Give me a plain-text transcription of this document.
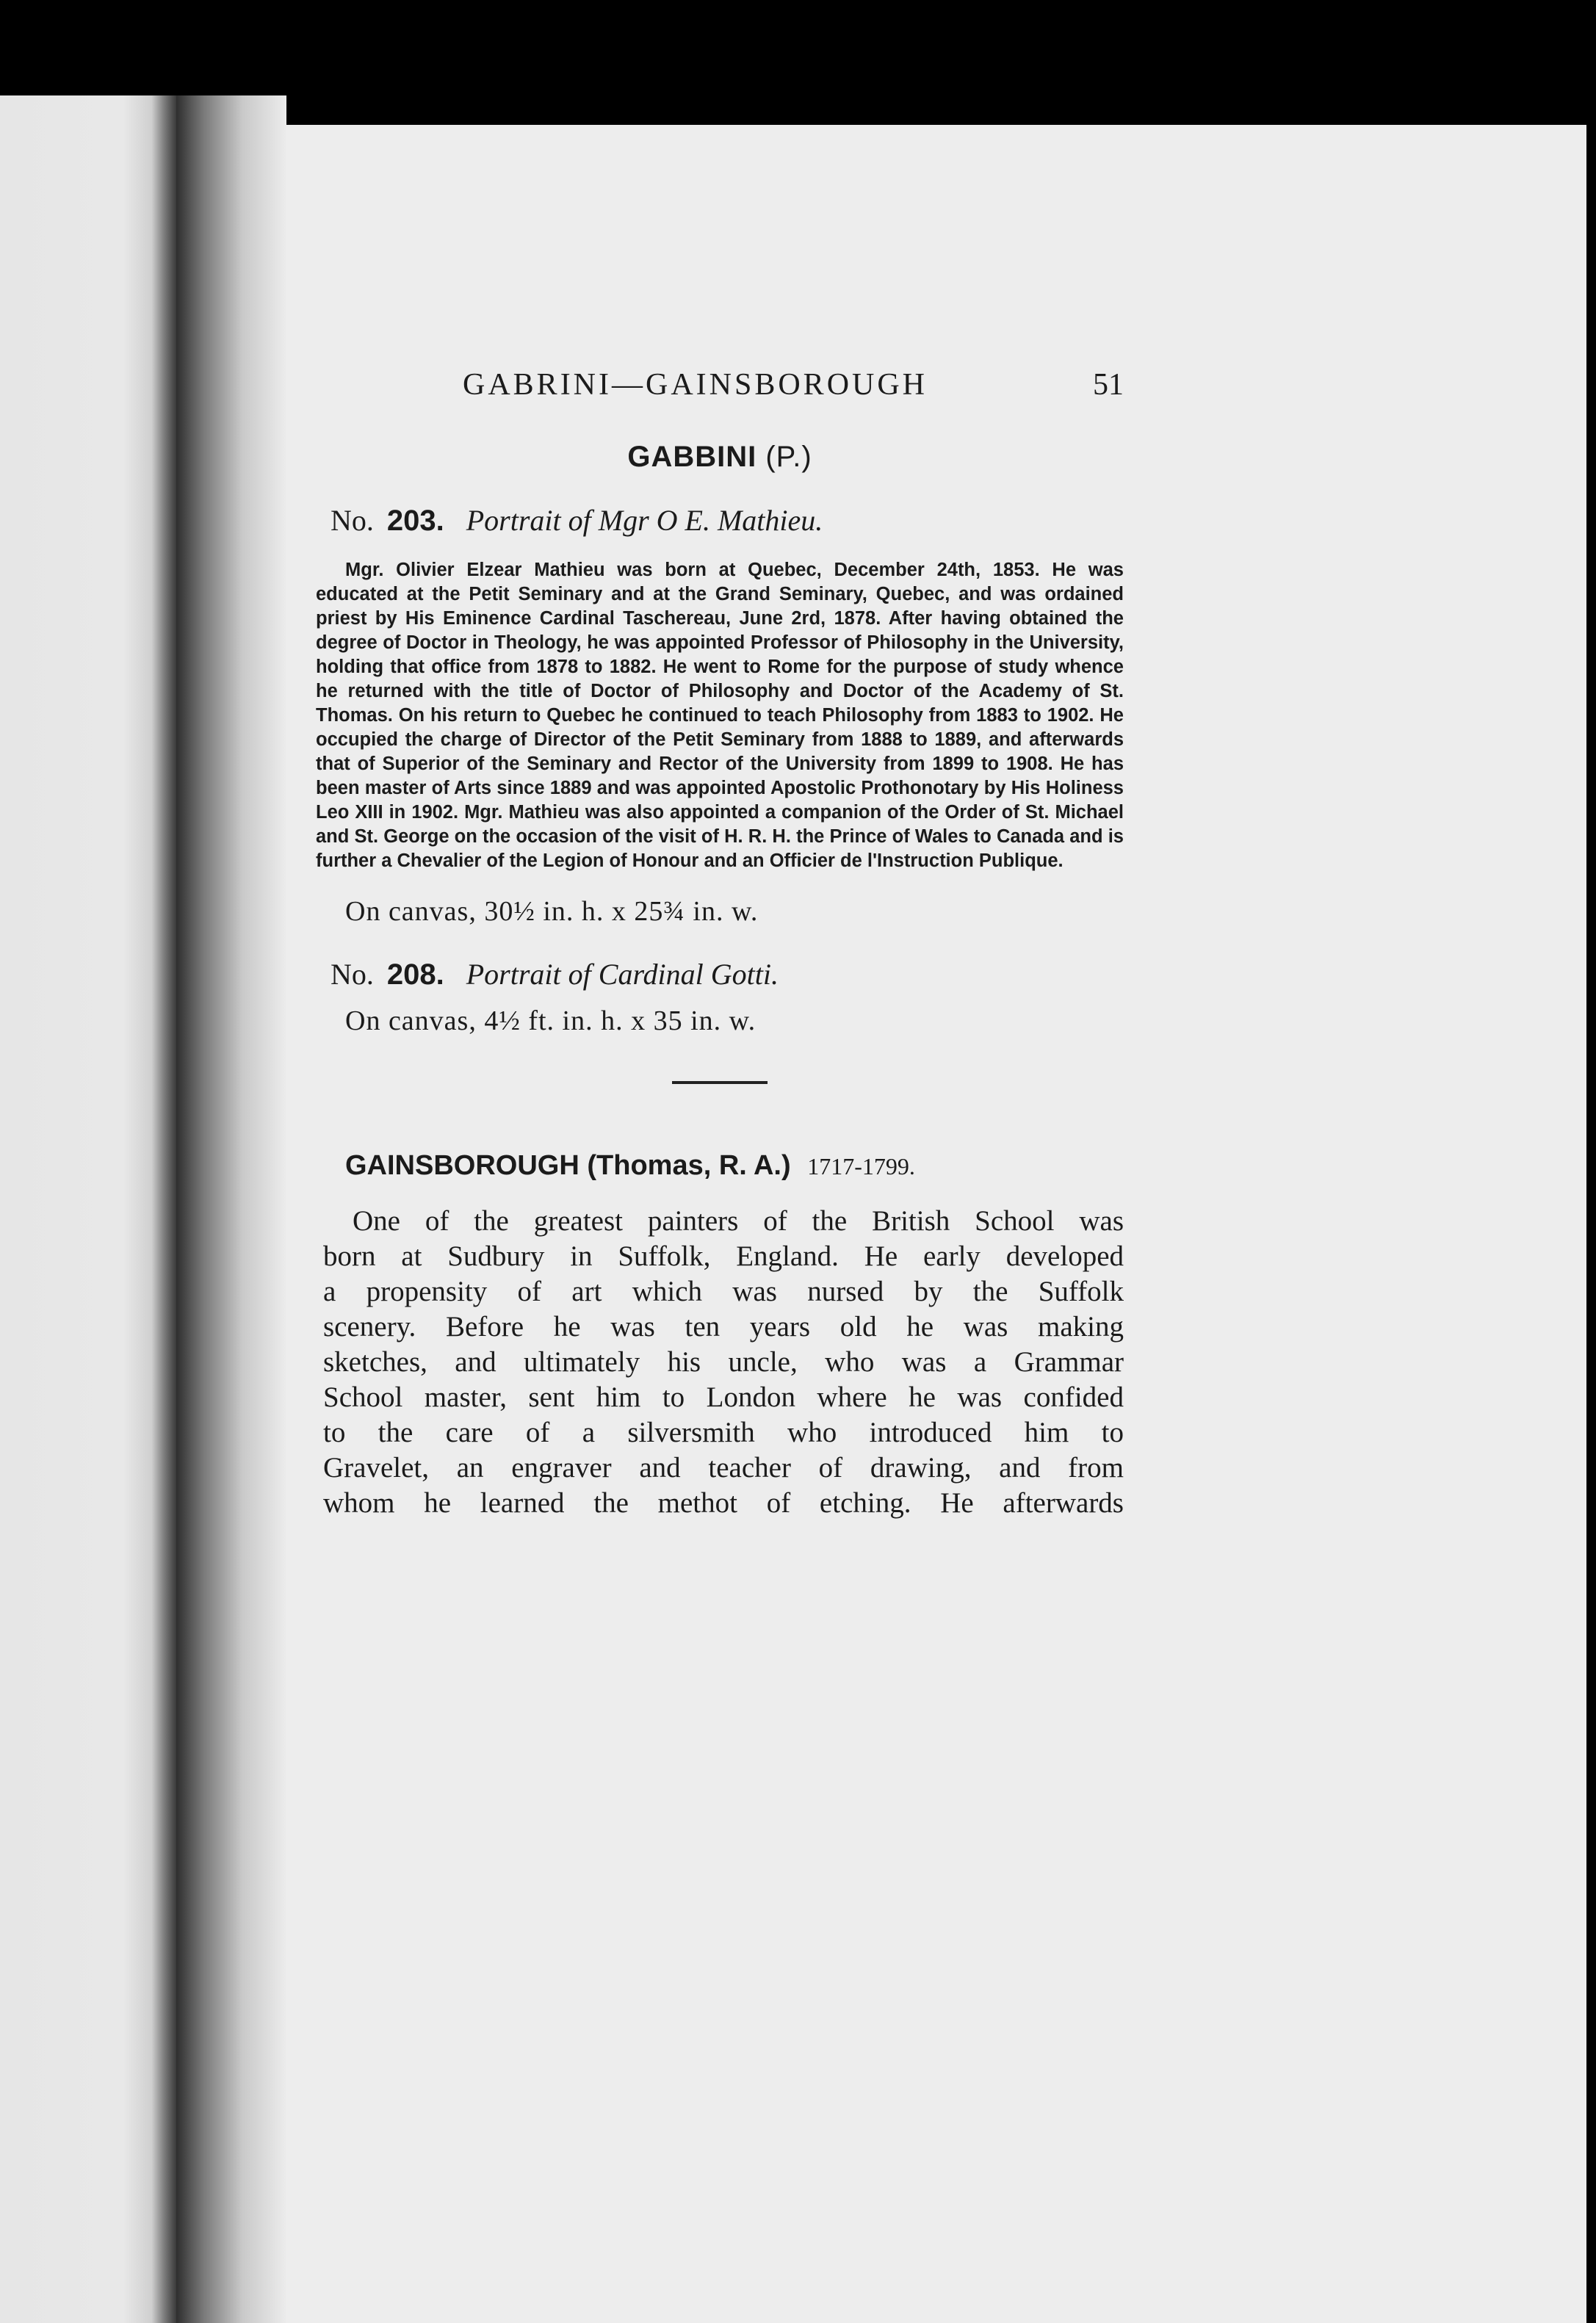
GABRINI—GAINSBOROUGH	51
GABBINI (P.)
No. 203. Portrait of Mgr O E. Mathieu.

Mgr. Olivier Elzear Mathieu was born at Quebec, December 24th, 1853. He was educated at the Petit Seminary and at the Grand Seminary, Quebec, and was ordained priest by His Eminence Cardinal Taschereau, June 2rd, 1878. After having obtained the degree of Doctor in Theology, he was appointed Professor of Philosophy in the University, holding that office from 1878 to 1882. He went to Rome for the purpose of study whence he returned with the title of Doctor of Philosophy and Doctor of the Academy of St. Thomas. On his return to Quebec he continued to teach Philosophy from 1883 to 1902. He occupied the charge of Director of the Petit Seminary from 1888 to 1889, and afterwards that of Superior of the Seminary and Rector of the University from 1899 to 1908. He has been master of Arts since 1889 and was appointed Apostolic Prothonotary by His Holiness Leo XIII in 1902. Mgr. Mathieu was also appointed a companion of the Order of St. Michael and St. George on the occasion of the visit of H. R. H. the Prince of Wales to Canada and is further a Chevalier of the Legion of Honour and an Officier de l'Instruction Publique.

On canvas, 30½ in. h. x 25¾ in. w.
No. 208. Portrait of Cardinal Gotti.
On canvas, 4½ ft. in. h. x 35 in. w.
GAINSBOROUGH (Thomas, R. A.) 1717-1799.
One of the greatest painters of the British School was
born at Sudbury in Suffolk, England. He early developed
a propensity of art which was nursed by the Suffolk
scenery. Before he was ten years old he was making
sketches, and ultimately his uncle, who was a Grammar
School master, sent him to London where he was confided
to the care of a silversmith who introduced him to
Gravelet, an engraver and teacher of drawing, and from
whom he learned the methot of etching. He afterwards
